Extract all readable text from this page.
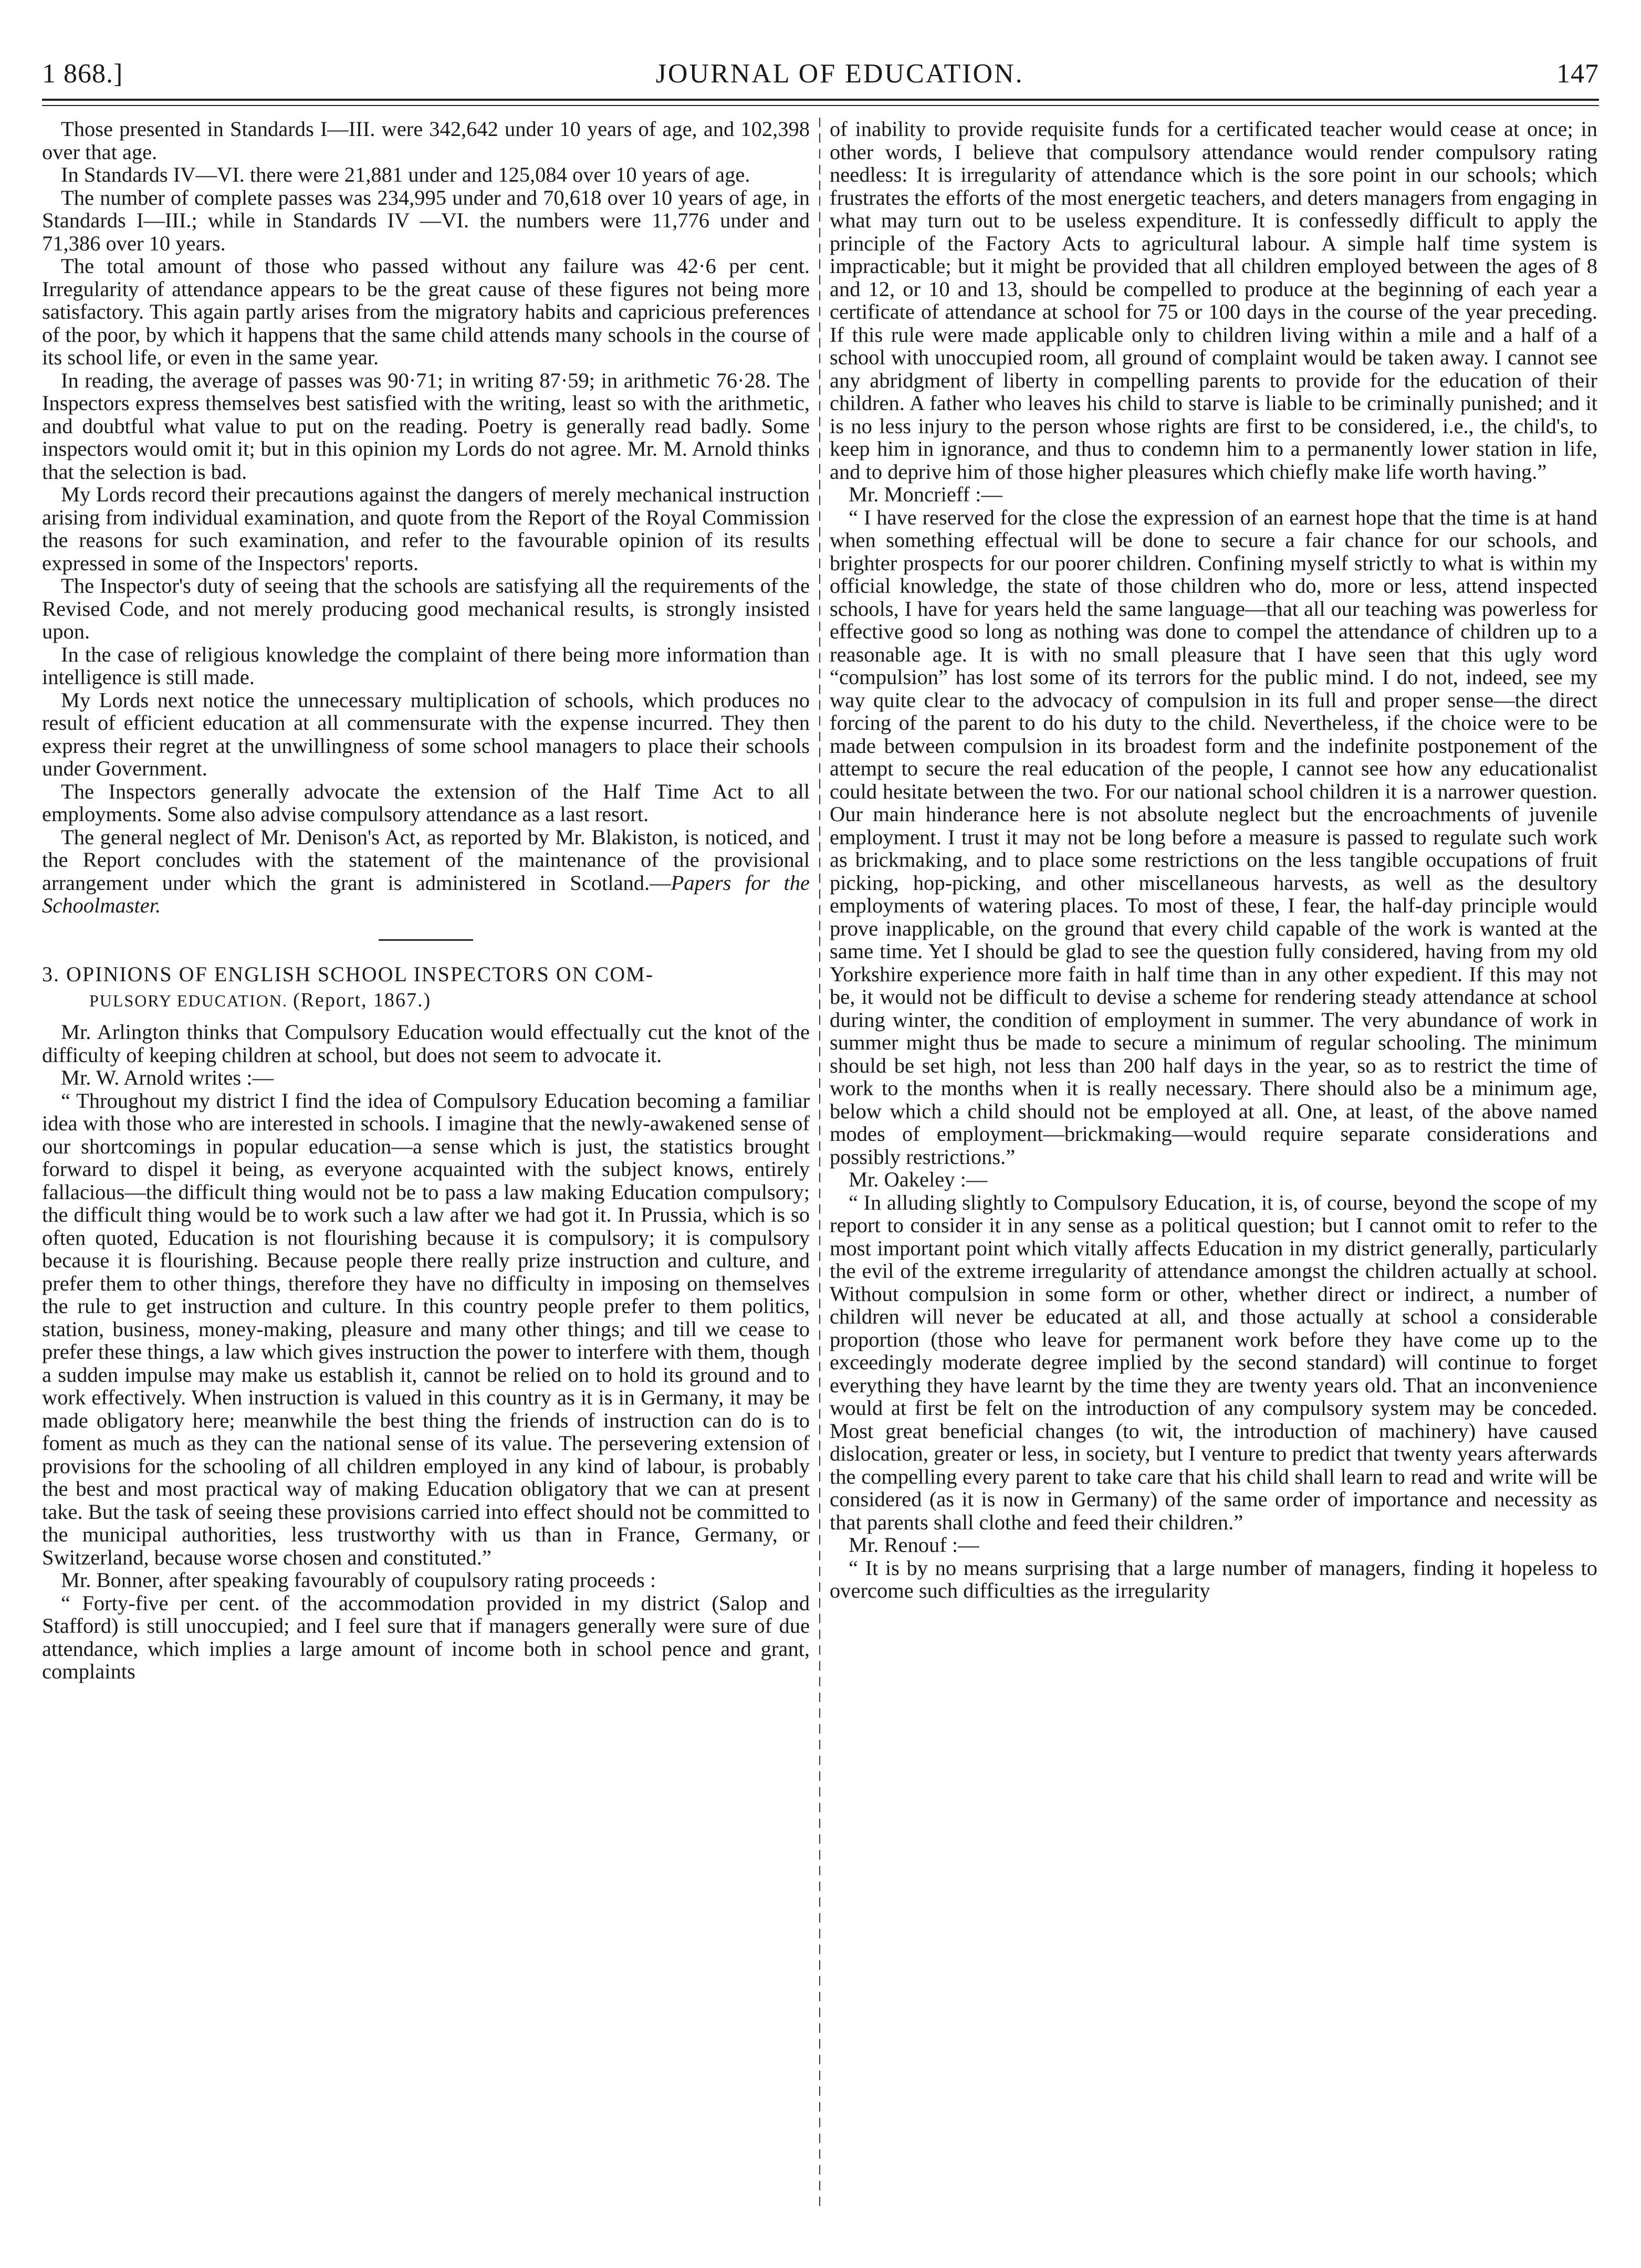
1 868.]	JOURNAL OF EDUCATION.	147

Those presented in Standards I—III. were 342,642 under 10 years of age, and 102,398 over that age.

In Standards IV—VI. there were 21,881 under and 125,084 over 10 years of age.

The number of complete passes was 234,995 under and 70,618 over 10 years of age, in Standards I—III.; while in Standards IV —VI. the numbers were 11,776 under and 71,386 over 10 years.

The total amount of those who passed without any failure was 42·6 per cent. Irregularity of attendance appears to be the great cause of these figures not being more satisfactory. This again partly arises from the migratory habits and capricious preferences of the poor, by which it happens that the same child attends many schools in the course of its school life, or even in the same year.

In reading, the average of passes was 90·71; in writing 87·59; in arithmetic 76·28. The Inspectors express themselves best satisfied with the writing, least so with the arithmetic, and doubtful what value to put on the reading. Poetry is generally read badly. Some inspectors would omit it; but in this opinion my Lords do not agree. Mr. M. Arnold thinks that the selection is bad.

My Lords record their precautions against the dangers of merely mechanical instruction arising from individual examination, and quote from the Report of the Royal Commission the reasons for such examination, and refer to the favourable opinion of its results expressed in some of the Inspectors' reports.

The Inspector's duty of seeing that the schools are satisfying all the requirements of the Revised Code, and not merely producing good mechanical results, is strongly insisted upon.

In the case of religious knowledge the complaint of there being more information than intelligence is still made.

My Lords next notice the unnecessary multiplication of schools, which produces no result of efficient education at all commensurate with the expense incurred. They then express their regret at the unwillingness of some school managers to place their schools under Government.

The Inspectors generally advocate the extension of the Half Time Act to all employments. Some also advise compulsory attendance as a last resort.

The general neglect of Mr. Denison's Act, as reported by Mr. Blakiston, is noticed, and the Report concludes with the statement of the maintenance of the provisional arrangement under which the grant is administered in Scotland.—Papers for the Schoolmaster.

3. OPINIONS OF ENGLISH SCHOOL INSPECTORS ON COM-
PULSORY EDUCATION. (Report, 1867.)

Mr. Arlington thinks that Compulsory Education would effectually cut the knot of the difficulty of keeping children at school, but does not seem to advocate it.

Mr. W. Arnold writes :—

“ Throughout my district I find the idea of Compulsory Education becoming a familiar idea with those who are interested in schools. I imagine that the newly-awakened sense of our shortcomings in popular education—a sense which is just, the statistics brought forward to dispel it being, as everyone acquainted with the subject knows, entirely fallacious—the difficult thing would not be to pass a law making Education compulsory; the difficult thing would be to work such a law after we had got it. In Prussia, which is so often quoted, Education is not flourishing because it is compulsory; it is compulsory because it is flourishing. Because people there really prize instruction and culture, and prefer them to other things, therefore they have no difficulty in imposing on themselves the rule to get instruction and culture. In this country people prefer to them politics, station, business, money-making, pleasure and many other things; and till we cease to prefer these things, a law which gives instruction the power to interfere with them, though a sudden impulse may make us establish it, cannot be relied on to hold its ground and to work effectively. When instruction is valued in this country as it is in Germany, it may be made obligatory here; meanwhile the best thing the friends of instruction can do is to foment as much as they can the national sense of its value. The persevering extension of provisions for the schooling of all children employed in any kind of labour, is probably the best and most practical way of making Education obligatory that we can at present take. But the task of seeing these provisions carried into effect should not be committed to the municipal authorities, less trustworthy with us than in France, Germany, or Switzerland, because worse chosen and constituted.”

Mr. Bonner, after speaking favourably of coupulsory rating proceeds :

“ Forty-five per cent. of the accommodation provided in my district (Salop and Stafford) is still unoccupied; and I feel sure that if managers generally were sure of due attendance, which implies a large amount of income both in school pence and grant, complaints

of inability to provide requisite funds for a certificated teacher would cease at once; in other words, I believe that compulsory attendance would render compulsory rating needless: It is irregularity of attendance which is the sore point in our schools; which frustrates the efforts of the most energetic teachers, and deters managers from engaging in what may turn out to be useless expenditure. It is confessedly difficult to apply the principle of the Factory Acts to agricultural labour. A simple half time system is impracticable; but it might be provided that all children employed between the ages of 8 and 12, or 10 and 13, should be compelled to produce at the beginning of each year a certificate of attendance at school for 75 or 100 days in the course of the year preceding. If this rule were made applicable only to children living within a mile and a half of a school with unoccupied room, all ground of complaint would be taken away. I cannot see any abridgment of liberty in compelling parents to provide for the education of their children. A father who leaves his child to starve is liable to be criminally punished; and it is no less injury to the person whose rights are first to be considered, i.e., the child's, to keep him in ignorance, and thus to condemn him to a permanently lower station in life, and to deprive him of those higher pleasures which chiefly make life worth having.”

Mr. Moncrieff :—

“ I have reserved for the close the expression of an earnest hope that the time is at hand when something effectual will be done to secure a fair chance for our schools, and brighter prospects for our poorer children. Confining myself strictly to what is within my official knowledge, the state of those children who do, more or less, attend inspected schools, I have for years held the same language—that all our teaching was powerless for effective good so long as nothing was done to compel the attendance of children up to a reasonable age. It is with no small pleasure that I have seen that this ugly word “compulsion” has lost some of its terrors for the public mind. I do not, indeed, see my way quite clear to the advocacy of compulsion in its full and proper sense—the direct forcing of the parent to do his duty to the child. Nevertheless, if the choice were to be made between compulsion in its broadest form and the indefinite postponement of the attempt to secure the real education of the people, I cannot see how any educationalist could hesitate between the two. For our national school children it is a narrower question. Our main hinderance here is not absolute neglect but the encroachments of juvenile employment. I trust it may not be long before a measure is passed to regulate such work as brickmaking, and to place some restrictions on the less tangible occupations of fruit picking, hop-picking, and other miscellaneous harvests, as well as the desultory employments of watering places. To most of these, I fear, the half-day principle would prove inapplicable, on the ground that every child capable of the work is wanted at the same time. Yet I should be glad to see the question fully considered, having from my old Yorkshire experience more faith in half time than in any other expedient. If this may not be, it would not be difficult to devise a scheme for rendering steady attendance at school during winter, the condition of employment in summer. The very abundance of work in summer might thus be made to secure a minimum of regular schooling. The minimum should be set high, not less than 200 half days in the year, so as to restrict the time of work to the months when it is really necessary. There should also be a minimum age, below which a child should not be employed at all. One, at least, of the above named modes of employment—brickmaking—would require separate considerations and possibly restrictions.”

Mr. Oakeley :—

“ In alluding slightly to Compulsory Education, it is, of course, beyond the scope of my report to consider it in any sense as a political question; but I cannot omit to refer to the most important point which vitally affects Education in my district generally, particularly the evil of the extreme irregularity of attendance amongst the children actually at school. Without compulsion in some form or other, whether direct or indirect, a number of children will never be educated at all, and those actually at school a considerable proportion (those who leave for permanent work before they have come up to the exceedingly moderate degree implied by the second standard) will continue to forget everything they have learnt by the time they are twenty years old. That an inconvenience would at first be felt on the introduction of any compulsory system may be conceded. Most great beneficial changes (to wit, the introduction of machinery) have caused dislocation, greater or less, in society, but I venture to predict that twenty years afterwards the compelling every parent to take care that his child shall learn to read and write will be considered (as it is now in Germany) of the same order of importance and necessity as that parents shall clothe and feed their children.”

Mr. Renouf :—

“ It is by no means surprising that a large number of managers, finding it hopeless to overcome such difficulties as the irregularity
